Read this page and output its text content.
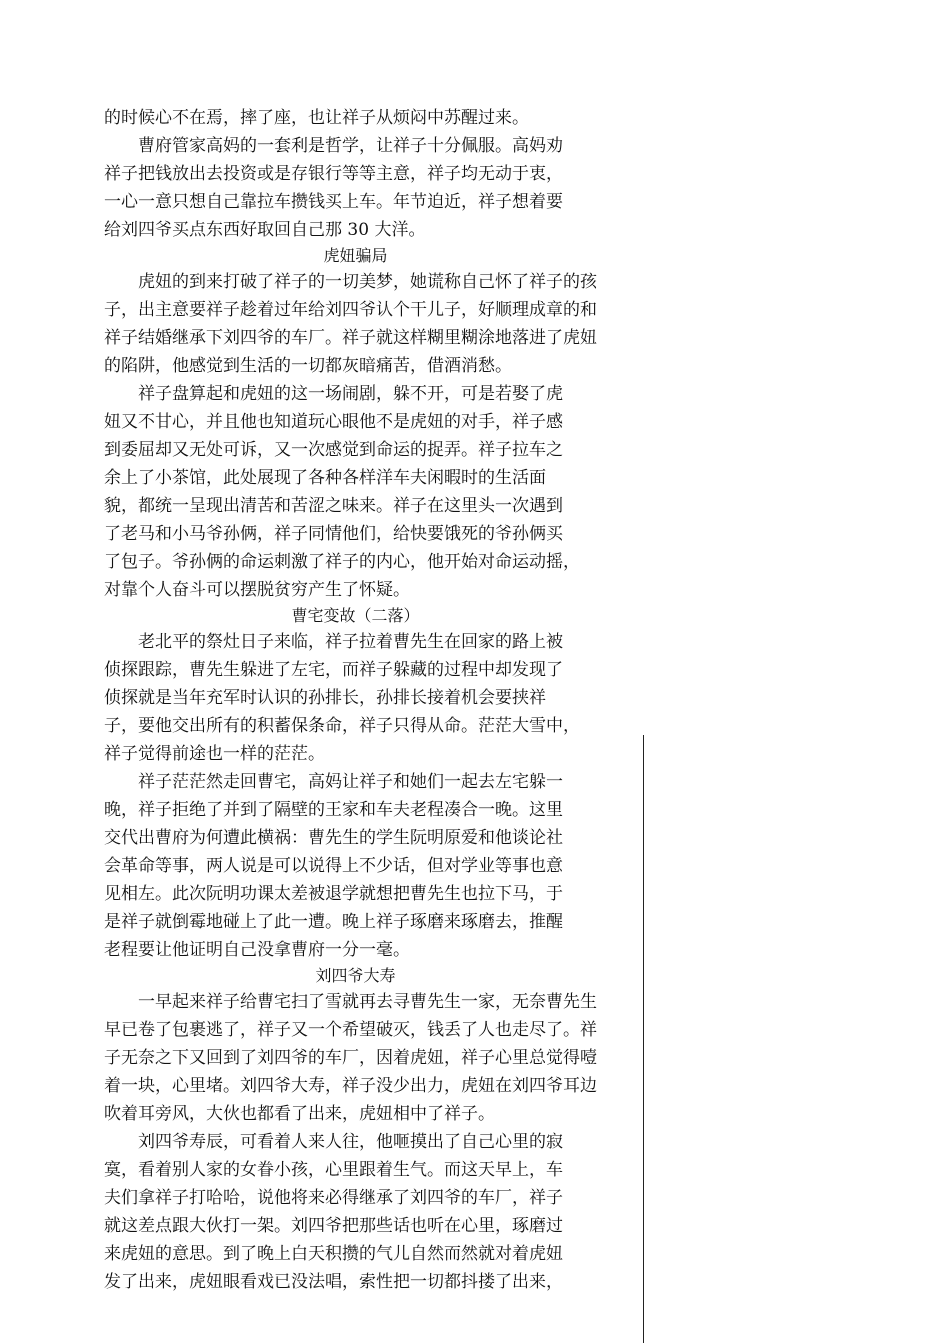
的时候心不在焉，摔了座，也让祥子从烦闷中苏醒过来。
　　曹府管家高妈的一套利是哲学，让祥子十分佩服。高妈劝
祥子把钱放出去投资或是存银行等等主意，祥子均无动于衷，
一心一意只想自己靠拉车攒钱买上车。年节迫近，祥子想着要
给刘四爷买点东西好取回自己那 30 大洋。
虎妞骗局
　　虎妞的到来打破了祥子的一切美梦，她谎称自己怀了祥子的孩
子，出主意要祥子趁着过年给刘四爷认个干儿子，好顺理成章的和
祥子结婚继承下刘四爷的车厂。祥子就这样糊里糊涂地落进了虎妞
的陷阱，他感觉到生活的一切都灰暗痛苦，借酒消愁。
　　祥子盘算起和虎妞的这一场闹剧，躲不开，可是若娶了虎
妞又不甘心，并且他也知道玩心眼他不是虎妞的对手，祥子感
到委屈却又无处可诉，又一次感觉到命运的捉弄。祥子拉车之
余上了小茶馆，此处展现了各种各样洋车夫闲暇时的生活面
貌，都统一呈现出清苦和苦涩之味来。祥子在这里头一次遇到
了老马和小马爷孙俩，祥子同情他们，给快要饿死的爷孙俩买
了包子。爷孙俩的命运刺激了祥子的内心，他开始对命运动摇，
对靠个人奋斗可以摆脱贫穷产生了怀疑。
曹宅变故（二落）
　　老北平的祭灶日子来临，祥子拉着曹先生在回家的路上被
侦探跟踪，曹先生躲进了左宅，而祥子躲藏的过程中却发现了
侦探就是当年充军时认识的孙排长，孙排长接着机会要挟祥
子，要他交出所有的积蓄保条命，祥子只得从命。茫茫大雪中，
祥子觉得前途也一样的茫茫。
　　祥子茫茫然走回曹宅，高妈让祥子和她们一起去左宅躲一
晚，祥子拒绝了并到了隔壁的王家和车夫老程凑合一晚。这里
交代出曹府为何遭此横祸：曹先生的学生阮明原爱和他谈论社
会革命等事，两人说是可以说得上不少话，但对学业等事也意
见相左。此次阮明功课太差被退学就想把曹先生也拉下马，于
是祥子就倒霉地碰上了此一遭。晚上祥子琢磨来琢磨去，推醒
老程要让他证明自己没拿曹府一分一毫。
刘四爷大寿
　　一早起来祥子给曹宅扫了雪就再去寻曹先生一家，无奈曹先生
早已卷了包裹逃了，祥子又一个希望破灭，钱丢了人也走尽了。祥
子无奈之下又回到了刘四爷的车厂，因着虎妞，祥子心里总觉得噎
着一块，心里堵。刘四爷大寿，祥子没少出力，虎妞在刘四爷耳边
吹着耳旁风，大伙也都看了出来，虎妞相中了祥子。
　　刘四爷寿辰，可看着人来人往，他咂摸出了自己心里的寂
寞，看着别人家的女眷小孩，心里跟着生气。而这天早上，车
夫们拿祥子打哈哈，说他将来必得继承了刘四爷的车厂，祥子
就这差点跟大伙打一架。刘四爷把那些话也听在心里，琢磨过
来虎妞的意思。到了晚上白天积攒的气儿自然而然就对着虎妞
发了出来，虎妞眼看戏已没法唱，索性把一切都抖搂了出来，
